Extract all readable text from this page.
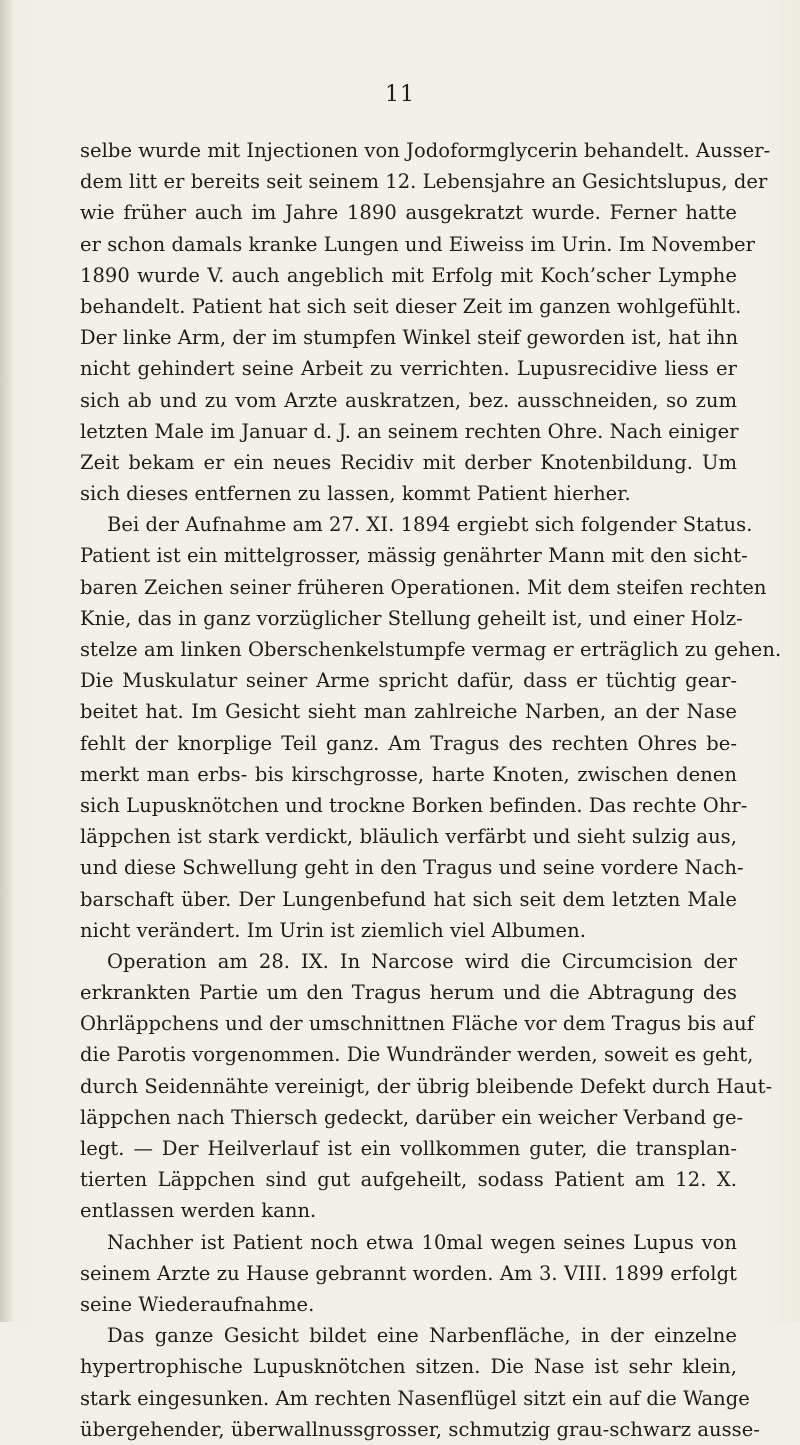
11
selbe wurde mit Injectionen von Jodoformglycerin behandelt. Ausser-
dem litt er bereits seit seinem 12. Lebensjahre an Gesichtslupus, der
wie früher auch im Jahre 1890 ausgekratzt wurde. Ferner hatte
er schon damals kranke Lungen und Eiweiss im Urin. Im November
1890 wurde V. auch angeblich mit Erfolg mit Koch’scher Lymphe
behandelt. Patient hat sich seit dieser Zeit im ganzen wohlgefühlt.
Der linke Arm, der im stumpfen Winkel steif geworden ist, hat ihn
nicht gehindert seine Arbeit zu verrichten. Lupusrecidive liess er
sich ab und zu vom Arzte auskratzen, bez. ausschneiden, so zum
letzten Male im Januar d. J. an seinem rechten Ohre. Nach einiger
Zeit bekam er ein neues Recidiv mit derber Knotenbildung. Um
sich dieses entfernen zu lassen, kommt Patient hierher.
Bei der Aufnahme am 27. XI. 1894 ergiebt sich folgender Status.
Patient ist ein mittelgrosser, mässig genährter Mann mit den sicht-
baren Zeichen seiner früheren Operationen. Mit dem steifen rechten
Knie, das in ganz vorzüglicher Stellung geheilt ist, und einer Holz-
stelze am linken Oberschenkelstumpfe vermag er erträglich zu gehen.
Die Muskulatur seiner Arme spricht dafür, dass er tüchtig gear-
beitet hat. Im Gesicht sieht man zahlreiche Narben, an der Nase
fehlt der knorplige Teil ganz. Am Tragus des rechten Ohres be-
merkt man erbs- bis kirschgrosse, harte Knoten, zwischen denen
sich Lupusknötchen und trockne Borken befinden. Das rechte Ohr-
läppchen ist stark verdickt, bläulich verfärbt und sieht sulzig aus,
und diese Schwellung geht in den Tragus und seine vordere Nach-
barschaft über. Der Lungenbefund hat sich seit dem letzten Male
nicht verändert. Im Urin ist ziemlich viel Albumen.
Operation am 28. IX. In Narcose wird die Circumcision der
erkrankten Partie um den Tragus herum und die Abtragung des
Ohrläppchens und der umschnittnen Fläche vor dem Tragus bis auf
die Parotis vorgenommen. Die Wundränder werden, soweit es geht,
durch Seidennähte vereinigt, der übrig bleibende Defekt durch Haut-
läppchen nach Thiersch gedeckt, darüber ein weicher Verband ge-
legt. — Der Heilverlauf ist ein vollkommen guter, die transplan-
tierten Läppchen sind gut aufgeheilt, sodass Patient am 12. X.
entlassen werden kann.
Nachher ist Patient noch etwa 10mal wegen seines Lupus von
seinem Arzte zu Hause gebrannt worden. Am 3. VIII. 1899 erfolgt
seine Wiederaufnahme.
Das ganze Gesicht bildet eine Narbenfläche, in der einzelne
hypertrophische Lupusknötchen sitzen. Die Nase ist sehr klein,
stark eingesunken. Am rechten Nasenflügel sitzt ein auf die Wange
übergehender, überwallnussgrosser, schmutzig grau-schwarz ausse-
